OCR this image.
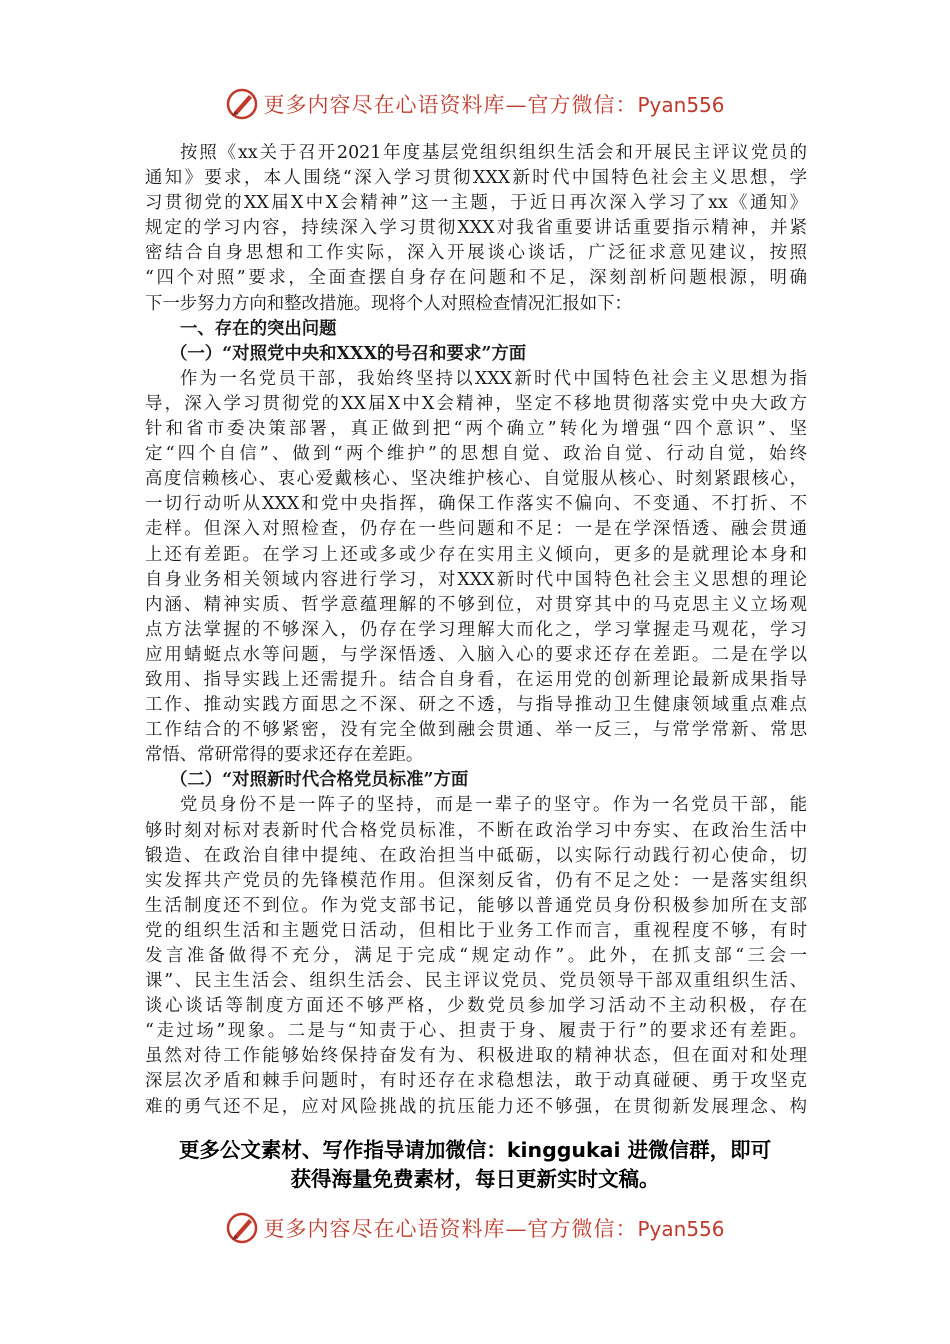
更多内容尽在心语资料库—官方微信：Pyan556
按照《xx关于召开2021年度基层党组织组织生活会和开展民主评议党员的
通知》要求，本人围绕“深入学习贯彻XXX新时代中国特色社会主义思想，学
习贯彻党的XX届X中X会精神”这一主题，于近日再次深入学习了xx《通知》
规定的学习内容，持续深入学习贯彻XXX对我省重要讲话重要指示精神，并紧
密结合自身思想和工作实际，深入开展谈心谈话，广泛征求意见建议，按照
“四个对照”要求，全面查摆自身存在问题和不足，深刻剖析问题根源，明确
下一步努力方向和整改措施。现将个人对照检查情况汇报如下：
一、存在的突出问题
（一）“对照党中央和XXX的号召和要求”方面
作为一名党员干部，我始终坚持以XXX新时代中国特色社会主义思想为指
导，深入学习贯彻党的XX届X中X会精神，坚定不移地贯彻落实党中央大政方
针和省市委决策部署，真正做到把“两个确立”转化为增强“四个意识”、坚
定“四个自信”、做到“两个维护”的思想自觉、政治自觉、行动自觉，始终
高度信赖核心、衷心爱戴核心、坚决维护核心、自觉服从核心、时刻紧跟核心，
一切行动听从XXX和党中央指挥，确保工作落实不偏向、不变通、不打折、不
走样。但深入对照检查，仍存在一些问题和不足：一是在学深悟透、融会贯通
上还有差距。在学习上还或多或少存在实用主义倾向，更多的是就理论本身和
自身业务相关领域内容进行学习，对XXX新时代中国特色社会主义思想的理论
内涵、精神实质、哲学意蕴理解的不够到位，对贯穿其中的马克思主义立场观
点方法掌握的不够深入，仍存在学习理解大而化之，学习掌握走马观花，学习
应用蜻蜓点水等问题，与学深悟透、入脑入心的要求还存在差距。二是在学以
致用、指导实践上还需提升。结合自身看，在运用党的创新理论最新成果指导
工作、推动实践方面思之不深、研之不透，与指导推动卫生健康领域重点难点
工作结合的不够紧密，没有完全做到融会贯通、举一反三，与常学常新、常思
常悟、常研常得的要求还存在差距。
（二）“对照新时代合格党员标准”方面
党员身份不是一阵子的坚持，而是一辈子的坚守。作为一名党员干部，能
够时刻对标对表新时代合格党员标准，不断在政治学习中夯实、在政治生活中
锻造、在政治自律中提纯、在政治担当中砥砺，以实际行动践行初心使命，切
实发挥共产党员的先锋模范作用。但深刻反省，仍有不足之处：一是落实组织
生活制度还不到位。作为党支部书记，能够以普通党员身份积极参加所在支部
党的组织生活和主题党日活动，但相比于业务工作而言，重视程度不够，有时
发言准备做得不充分，满足于完成“规定动作”。此外，在抓支部“三会一
课”、民主生活会、组织生活会、民主评议党员、党员领导干部双重组织生活、
谈心谈话等制度方面还不够严格，少数党员参加学习活动不主动积极，存在
“走过场”现象。二是与“知责于心、担责于身、履责于行”的要求还有差距。
虽然对待工作能够始终保持奋发有为、积极进取的精神状态，但在面对和处理
深层次矛盾和棘手问题时，有时还存在求稳想法，敢于动真碰硬、勇于攻坚克
难的勇气还不足，应对风险挑战的抗压能力还不够强，在贯彻新发展理念、构
更多公文素材、写作指导请加微信：kinggukai 进微信群，即可
获得海量免费素材，每日更新实时文稿。
更多内容尽在心语资料库—官方微信：Pyan556
